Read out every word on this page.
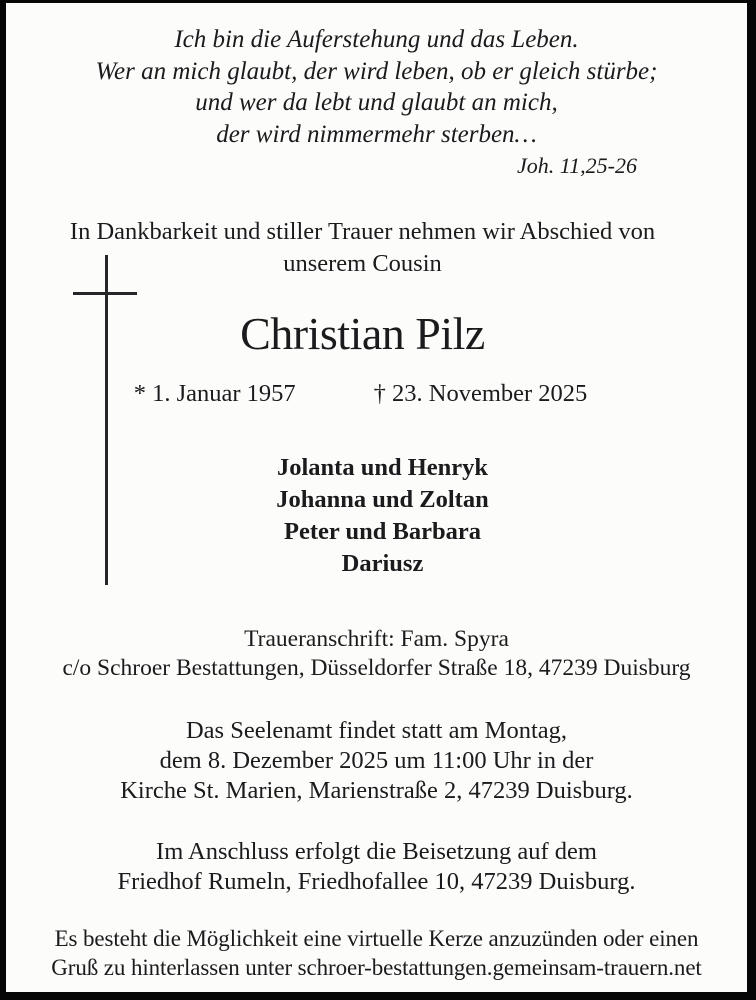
Ich bin die Auferstehung und das Leben.
Wer an mich glaubt, der wird leben, ob er gleich stürbe;
und wer da lebt und glaubt an mich,
der wird nimmermehr sterben…
Joh. 11,25-26
In Dankbarkeit und stiller Trauer nehmen wir Abschied von
unserem Cousin
Christian Pilz
* 1. Januar 1957	† 23. November 2025
Jolanta und Henryk
Johanna und Zoltan
Peter und Barbara
Dariusz
Traueranschrift: Fam. Spyra
c/o Schroer Bestattungen, Düsseldorfer Straße 18, 47239 Duisburg
Das Seelenamt findet statt am Montag,
dem 8. Dezember 2025 um 11:00 Uhr in der
Kirche St. Marien, Marienstraße 2, 47239 Duisburg.
Im Anschluss erfolgt die Beisetzung auf dem
Friedhof Rumeln, Friedhofallee 10, 47239 Duisburg.
Es besteht die Möglichkeit eine virtuelle Kerze anzuzünden oder einen
Gruß zu hinterlassen unter schroer-bestattungen.gemeinsam-trauern.net
